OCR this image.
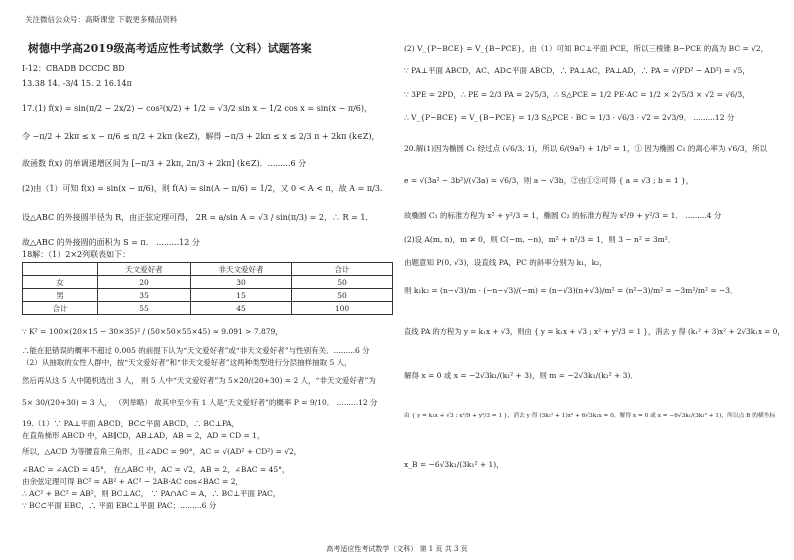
关注微信公众号：高斯课堂 下载更多精品资料
树德中学高2019级高考适应性考试数学（文科）试题答案
I-12：CBADB DCCDC BD
13.38 14. -3/4 15. 2 16.14π
17.(1) f(x) = sin(π/2 − 2x/2) − cos²(x/2) + 1/2 = √3/2 sin x − 1/2 cos x = sin(x − π/6)，
令 −π/2 + 2kπ ≤ x − π/6 ≤ π/2 + 2kπ (k∈Z)，解得 −π/3 + 2kπ ≤ x ≤ 2/3 π + 2kπ (k∈Z)，
故函数 f(x) 的单调递增区间为 [−π/3 + 2kπ, 2π/3 + 2kπ] (k∈Z)．.........6 分
(2)由（1）可知 f(x) = sin(x − π/6)，则 f(A) = sin(A − π/6) = 1/2，又 0 < A < π，故 A = π/3．
设△ABC 的外接圆半径为 R，由正弦定理可得， 2R = a/sin A = √3 / sin(π/3) = 2，∴ R = 1．
故△ABC 的外接圆的面积为 S = π． .........12 分
18解：（1）2×2列联表如下：
	天文爱好者	非天文爱好者	合计
女	20	30	50
男	35	15	50
合计	55	45	100
∵ K² = 100×(20×15 − 30×35)² / (50×50×55×45) ≈ 9.091 > 7.879，
∴能在犯错误的概率不超过 0.005 的前提下认为“天文爱好者”或“非天文爱好者”与性别有关．.........6 分
（2）从抽取的女性人群中，按“天文爱好者”和“非天文爱好者”这两种类型进行分层抽样抽取 5 人，
然后再从这 5 人中随机选出 3 人， 则 5 人中“天文爱好者”为 5×20/(20+30) = 2 人，“非天文爱好者”为
5× 30/(20+30) = 3 人， （列举略） 故其中至少有 1 人是“天文爱好者”的概率 P = 9/10． .........12 分
19.（1）∵ PA⊥平面 ABCD，BC⊂平面 ABCD，∴ BC⊥PA，
在直角梯形 ABCD 中，AB∥CD，AB⊥AD，AB = 2，AD = CD = 1，
所以，△ACD 为等腰直角三角形，且∠ADC = 90°，AC = √(AD² + CD²) = √2，
∠BAC = ∠ACD = 45°， 在△ABC 中，AC = √2，AB = 2，∠BAC = 45°，
由余弦定理可得 BC² = AB² + AC² − 2AB·AC cos∠BAC = 2，
∴ AC² + BC² = AB²，则 BC⊥AC， ∵ PA∩AC = A，∴ BC⊥平面 PAC，
∵ BC⊂平面 EBC，∴ 平面 EBC⊥平面 PAC；.........6 分
(2) V_{P−BCE} = V_{B−PCE}，由（1）可知 BC⊥平面 PCE，所以三棱锥 B−PCE 的高为 BC = √2，
∵ PA⊥平面 ABCD，AC、AD⊂平面 ABCD，∴ PA⊥AC，PA⊥AD，∴ PA = √(PD² − AD²) = √5，
∵ 3PE = 2PD，∴ PE = 2/3 PA = 2√5/3，∴ S△PCE = 1/2 PE·AC = 1/2 × 2√5/3 × √2 = √6/3，
∴ V_{P−BCE} = V_{B−PCE} = 1/3 S△PCE · BC = 1/3 · √6/3 · √2 = 2√3/9． .........12 分
20.解(1)因为椭圆 C₁ 经过点 (√6/3, 1)，所以 6/(9a²) + 1/b² = 1，① 因为椭圆 C₁ 的离心率为 √6/3，所以
e = √(3a² − 3b²)/(√3a) = √6/3，则 a − √3b，②由①②可得 { a = √3 ; b = 1 }，
故椭圆 C₁ 的标准方程为 x² + y²/3 = 1，椭圆 C₂ 的标准方程为 x²/9 + y²/3 = 1． .........4 分
(2)设 A(m, n)，m ≠ 0，则 C(−m, −n)，m² + n²/3 = 1，则 3 − n² = 3m²．
由题意知 P(0, √3)，设直线 PA，PC 的斜率分别为 k₁，k₂，
则 k₁k₂ = (n−√3)/m · (−n−√3)/(−m) = (n−√3)(n+√3)/m² = (n²−3)/m² = −3m²/m² = −3．
直线 PA 的方程为 y = k₁x + √3，则由 { y = k₁x + √3 ; x² + y²/3 = 1 }，消去 y 得 (k₁² + 3)x² + 2√3k₁x = 0，
解得 x = 0 或 x = −2√3k₁/(k₁² + 3)，则 m = −2√3k₁/(k₁² + 3)．
由 { y = k₁x + √3 ; x²/9 + y²/3 = 1 }，消去 y 得 (3k₁² + 1)x² + 6√3k₁x = 0，解得 x = 0 或 x = −6√3k₁/(3k₁² + 1)，所以点 B 的横坐标
x_B = −6√3k₁/(3k₁² + 1)，
高考适应性考试数学（文科） 第 1 页 共 3 页
